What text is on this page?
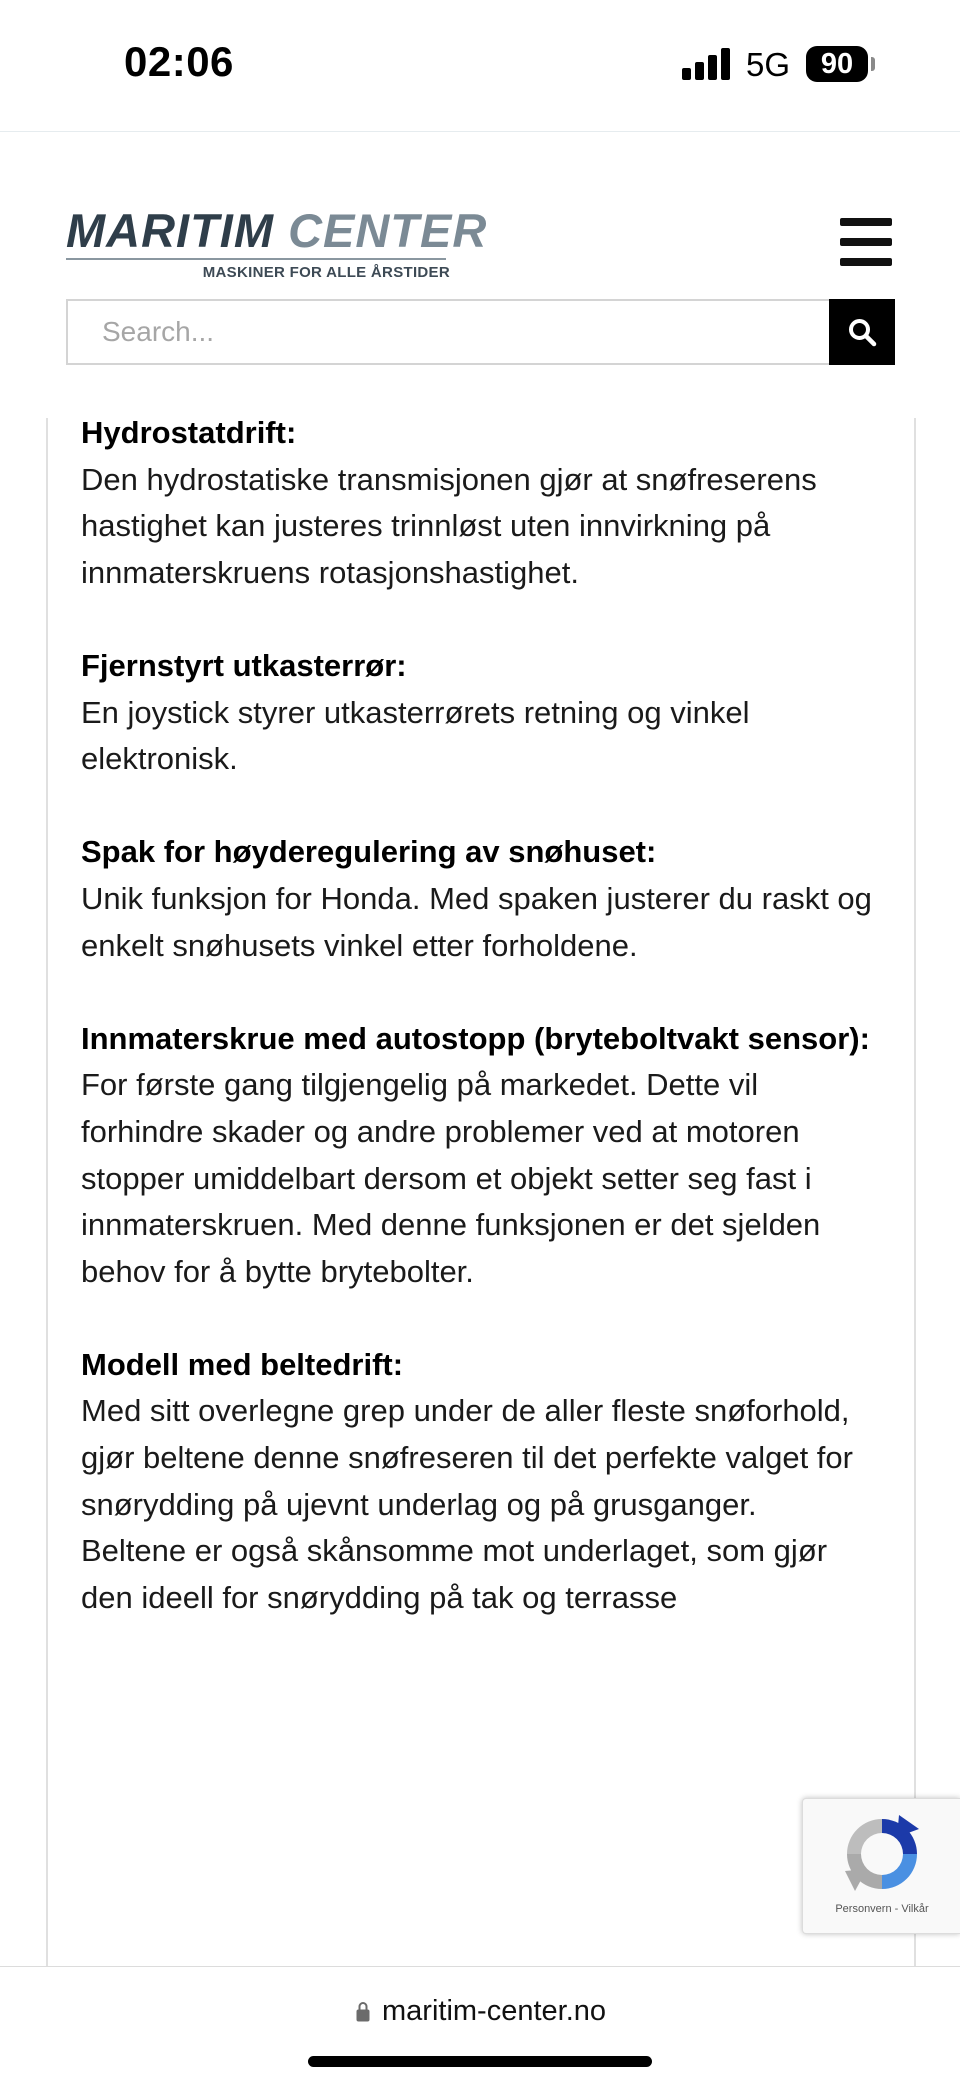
02:06	5G	90
MARITIM CENTER
MASKINER FOR ALLE ÅRSTIDER
Search...
Hydrostatdrift:
Den hydrostatiske transmisjonen gjør at snøfreserens hastighet kan justeres trinnløst uten innvirkning på innmaterskruens rotasjonshastighet.
Fjernstyrt utkasterrør:
En joystick styrer utkasterrørets retning og vinkel elektronisk.
Spak for høyderegulering av snøhuset:
Unik funksjon for Honda. Med spaken justerer du raskt og enkelt snøhusets vinkel etter forholdene.
Innmaterskrue med autostopp (bryteboltvakt sensor):
For første gang tilgjengelig på markedet. Dette vil forhindre skader og andre problemer ved at motoren stopper umiddelbart dersom et objekt setter seg fast i innmaterskruen. Med denne funksjonen er det sjelden behov for å bytte brytebolter.
Modell med beltedrift:
Med sitt overlegne grep under de aller fleste snøforhold, gjør beltene denne snøfreseren til det perfekte valget for snørydding på ujevnt underlag og på grusganger.
Beltene er også skånsomme mot underlaget, som gjør den ideell for snørydding på tak og terrasse
Personvern - Vilkår
maritim-center.no
